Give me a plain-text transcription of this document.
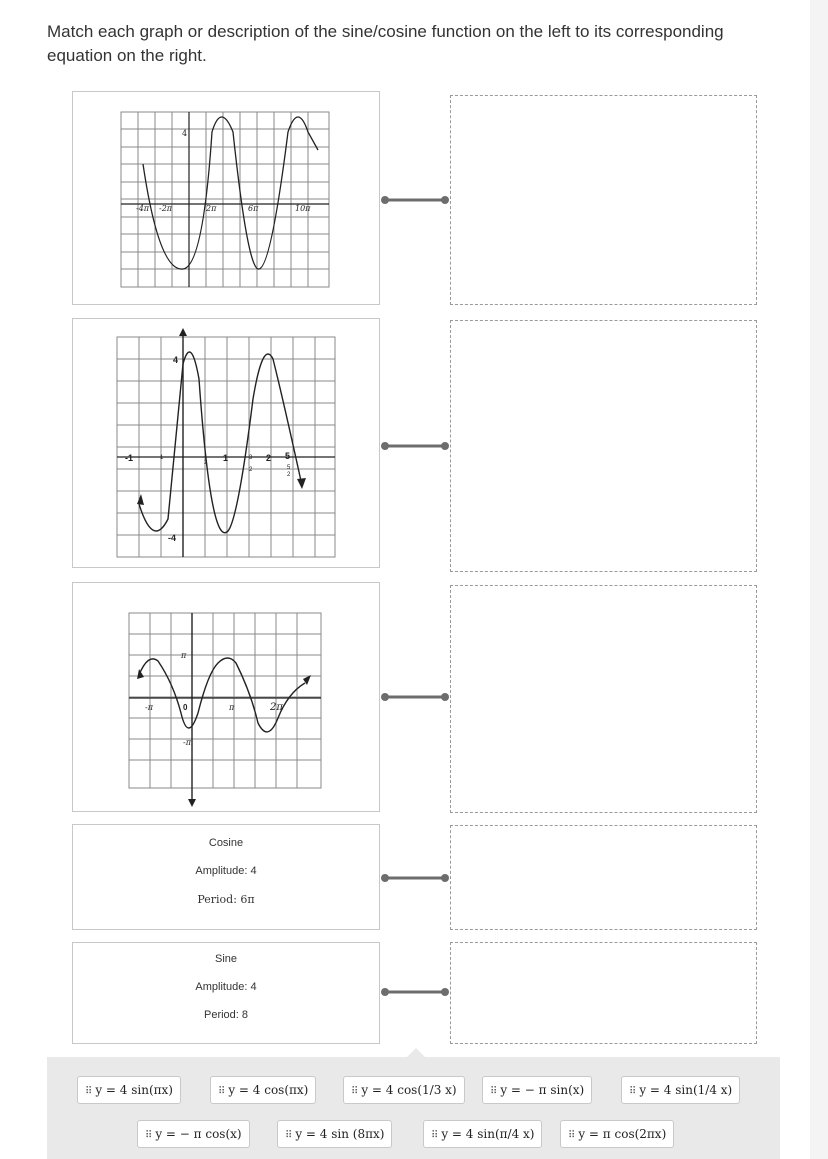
Match each graph or description of the sine/cosine function on the left to its corresponding equation on the right.
-4π -2π	2π	6π	10π
4
-1	1	2 5
4
-4
1
2
3
2	5
2
-π	0	π	2π
π
-π
Cosine
Amplitude: 4
Period: 6π
Sine
Amplitude: 4
Period: 8
⠿ y = 4 sin(πx)	⠿ y = 4 cos(πx)	⠿ y = 4 cos(1/3 x)	⠿ y = − π sin(x)	⠿ y = 4 sin(1/4 x)
⠿ y = − π cos(x)	⠿ y = 4 sin (8πx)	⠿ y = 4 sin(π/4 x)	⠿ y = π cos(2πx)
